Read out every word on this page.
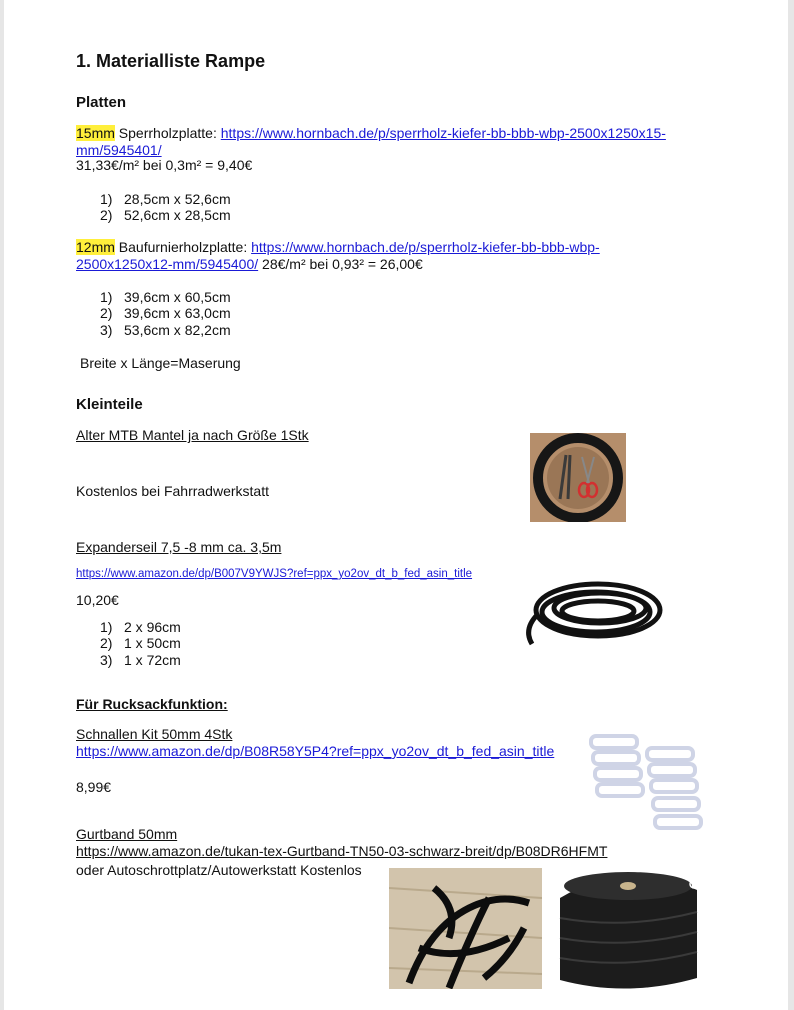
1. Materialliste Rampe
Platten
15mm Sperrholzplatte: https://www.hornbach.de/p/sperrholz-kiefer-bb-bbb-wbp-2500x1250x15-
mm/5945401/
31,33€/m² bei 0,3m² = 9,40€
1) 28,5cm x 52,6cm
2) 52,6cm x 28,5cm
12mm Baufurnierholzplatte: https://www.hornbach.de/p/sperrholz-kiefer-bb-bbb-wbp-
2500x1250x12-mm/5945400/ 28€/m² bei 0,93² = 26,00€
1) 39,6cm x 60,5cm
2) 39,6cm x 63,0cm
3) 53,6cm x 82,2cm
Breite x Länge=Maserung
Kleinteile
Alter MTB Mantel ja nach Größe 1Stk
Kostenlos bei Fahrradwerkstatt
Expanderseil 7,5 -8 mm ca. 3,5m
https://www.amazon.de/dp/B007V9YWJS?ref=ppx_yo2ov_dt_b_fed_asin_title
10,20€
1) 2 x 96cm
2) 1 x 50cm
3) 1 x 72cm
Für Rucksackfunktion:
Schnallen Kit 50mm 4Stk
https://www.amazon.de/dp/B08R58Y5P4?ref=ppx_yo2ov_dt_b_fed_asin_title
8,99€
Gurtband 50mm
https://www.amazon.de/tukan-tex-Gurtband-TN50-03-schwarz-breit/dp/B08DR6HFMT
oder Autoschrottplatz/Autowerkstatt Kostenlos
